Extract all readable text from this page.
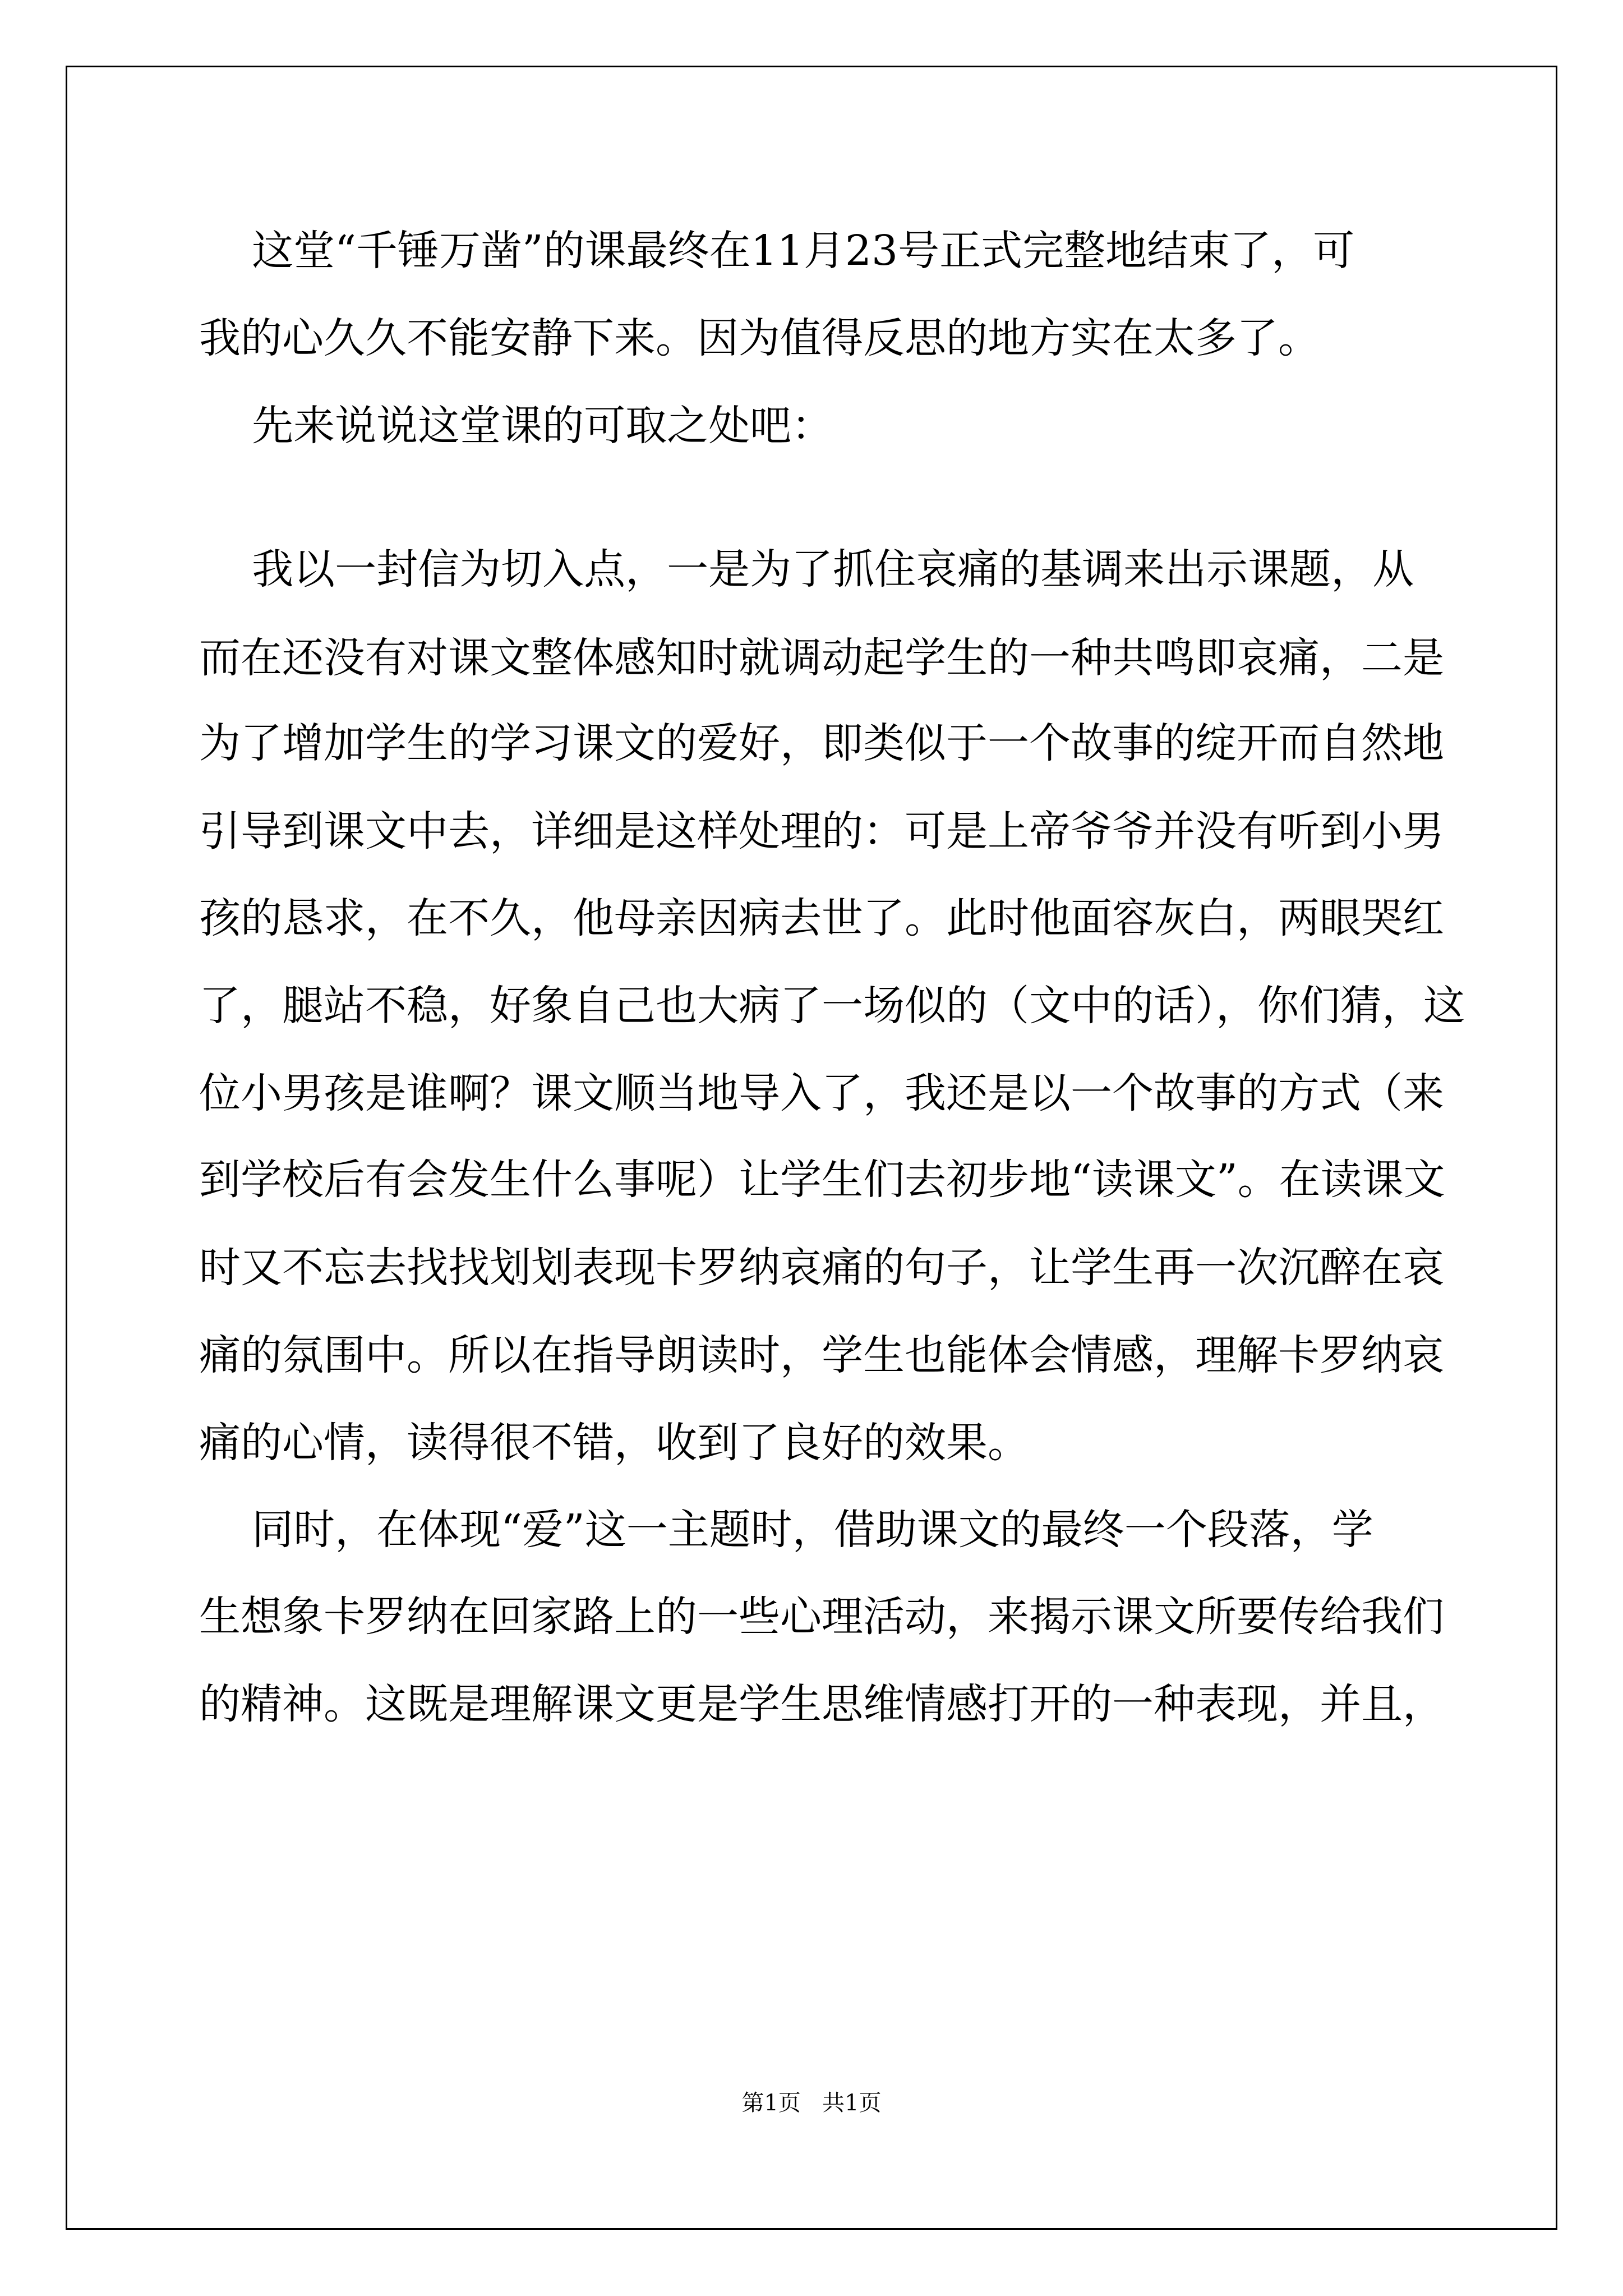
这堂“千锤万凿”的课最终在11月23号正式完整地结束了，可
我的心久久不能安静下来。因为值得反思的地方实在太多了。
先来说说这堂课的可取之处吧：
我以一封信为切入点，一是为了抓住哀痛的基调来出示课题，从
而在还没有对课文整体感知时就调动起学生的一种共鸣即哀痛，二是
为了增加学生的学习课文的爱好，即类似于一个故事的绽开而自然地
引导到课文中去，详细是这样处理的：可是上帝爷爷并没有听到小男
孩的恳求，在不久，他母亲因病去世了。此时他面容灰白，两眼哭红
了，腿站不稳，好象自己也大病了一场似的（文中的话），你们猜，这
位小男孩是谁啊？课文顺当地导入了，我还是以一个故事的方式（来
到学校后有会发生什么事呢）让学生们去初步地“读课文”。在读课文
时又不忘去找找划划表现卡罗纳哀痛的句子，让学生再一次沉醉在哀
痛的氛围中。所以在指导朗读时，学生也能体会情感，理解卡罗纳哀
痛的心情，读得很不错，收到了良好的效果。
同时，在体现“爱”这一主题时，借助课文的最终一个段落，学
生想象卡罗纳在回家路上的一些心理活动，来揭示课文所要传给我们
的精神。这既是理解课文更是学生思维情感打开的一种表现，并且，
第1页   共1页
